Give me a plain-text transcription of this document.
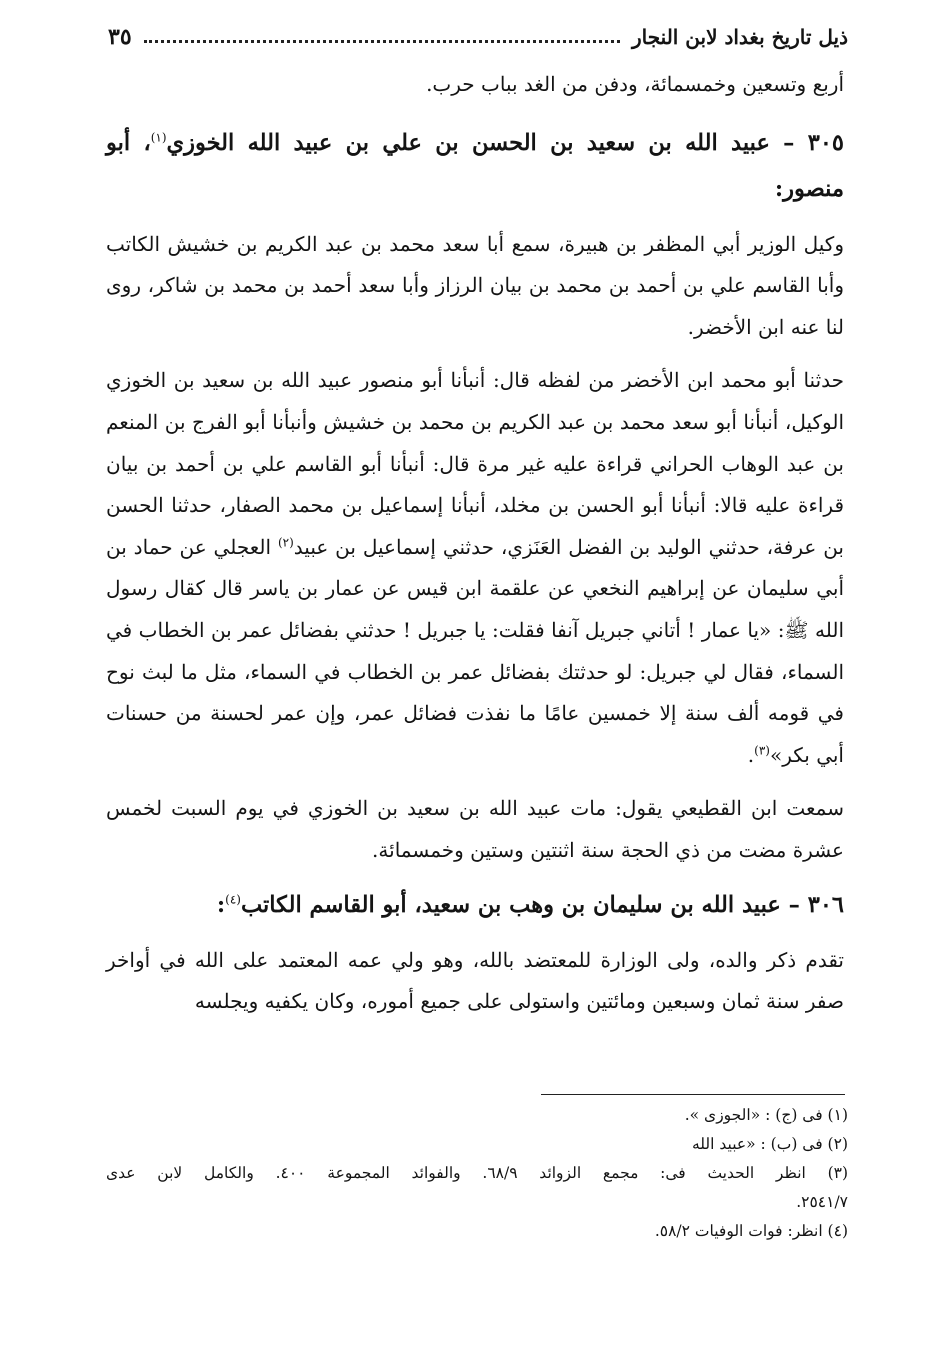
ذيل تاريخ بغداد لابن النجار
٣٥

أربع وتسعين وخمسمائة، ودفن من الغد بباب حرب.

٣٠٥ – عبيد الله بن سعيد بن الحسن بن علي بن عبيد الله الخوزي$^{(١)}$، أبو منصور:

وكيل الوزير أبي المظفر بن هبيرة، سمع أبا سعد محمد بن عبد الكريم بن خشيش الكاتب وأبا القاسم علي بن أحمد بن محمد بن بيان الرزاز وأبا سعد أحمد بن محمد بن شاكر، روى لنا عنه ابن الأخضر.

حدثنا أبو محمد ابن الأخضر من لفظه قال: أنبأنا أبو منصور عبيد الله بن سعيد بن الخوزي الوكيل، أنبأنا أبو سعد محمد بن عبد الكريم بن محمد بن خشيش وأنبأنا أبو الفرج بن المنعم بن عبد الوهاب الحراني قراءة عليه غير مرة قال: أنبأنا أبو القاسم علي بن أحمد بن بيان قراءة عليه قالا: أنبأنا أبو الحسن بن مخلد، أنبأنا إسماعيل بن محمد الصفار، حدثنا الحسن بن عرفة، حدثني الوليد بن الفضل العَنَزي، حدثني إسماعيل بن عبيد$^{(٢)}$ العجلي عن حماد بن أبي سليمان عن إبراهيم النخعي عن علقمة ابن قيس عن عمار بن ياسر قال كقال رسول الله ﷺ: «يا عمار ! أتاني جبريل آنفا فقلت: يا جبريل ! حدثني بفضائل عمر بن الخطاب في السماء، فقال لي جبريل: لو حدثتك بفضائل عمر بن الخطاب في السماء، مثل ما لبث نوح في قومه ألف سنة إلا خمسين عامًا ما نفذت فضائل عمر، وإن عمر لحسنة من حسنات أبي بكر»$^{(٣)}$.

سمعت ابن القطيعي يقول: مات عبيد الله بن سعيد بن الخوزي في يوم السبت لخمس عشرة مضت من ذي الحجة سنة اثنتين وستين وخمسمائة.

٣٠٦ – عبيد الله بن سليمان بن وهب بن سعيد، أبو القاسم الكاتب$^{(٤)}$:

تقدم ذكر والده، ولى الوزارة للمعتضد بالله، وهو ولي عمه المعتمد على الله في أواخر صفر سنة ثمان وسبعين ومائتين واستولى على جميع أموره، وكان يكفيه ويجلسه

(١) فى (ج) : «الجوزى ».

(٢) فى (ب) : «عبيد الله

(٣) انظر الحديث فى: مجمع الزوائد ٦٨/٩. والفوائد المجموعة ٤٠٠. والكامل لابن عدى

٢٥٤١/٧.

(٤) انظر: فوات الوفيات ٥٨/٢.
